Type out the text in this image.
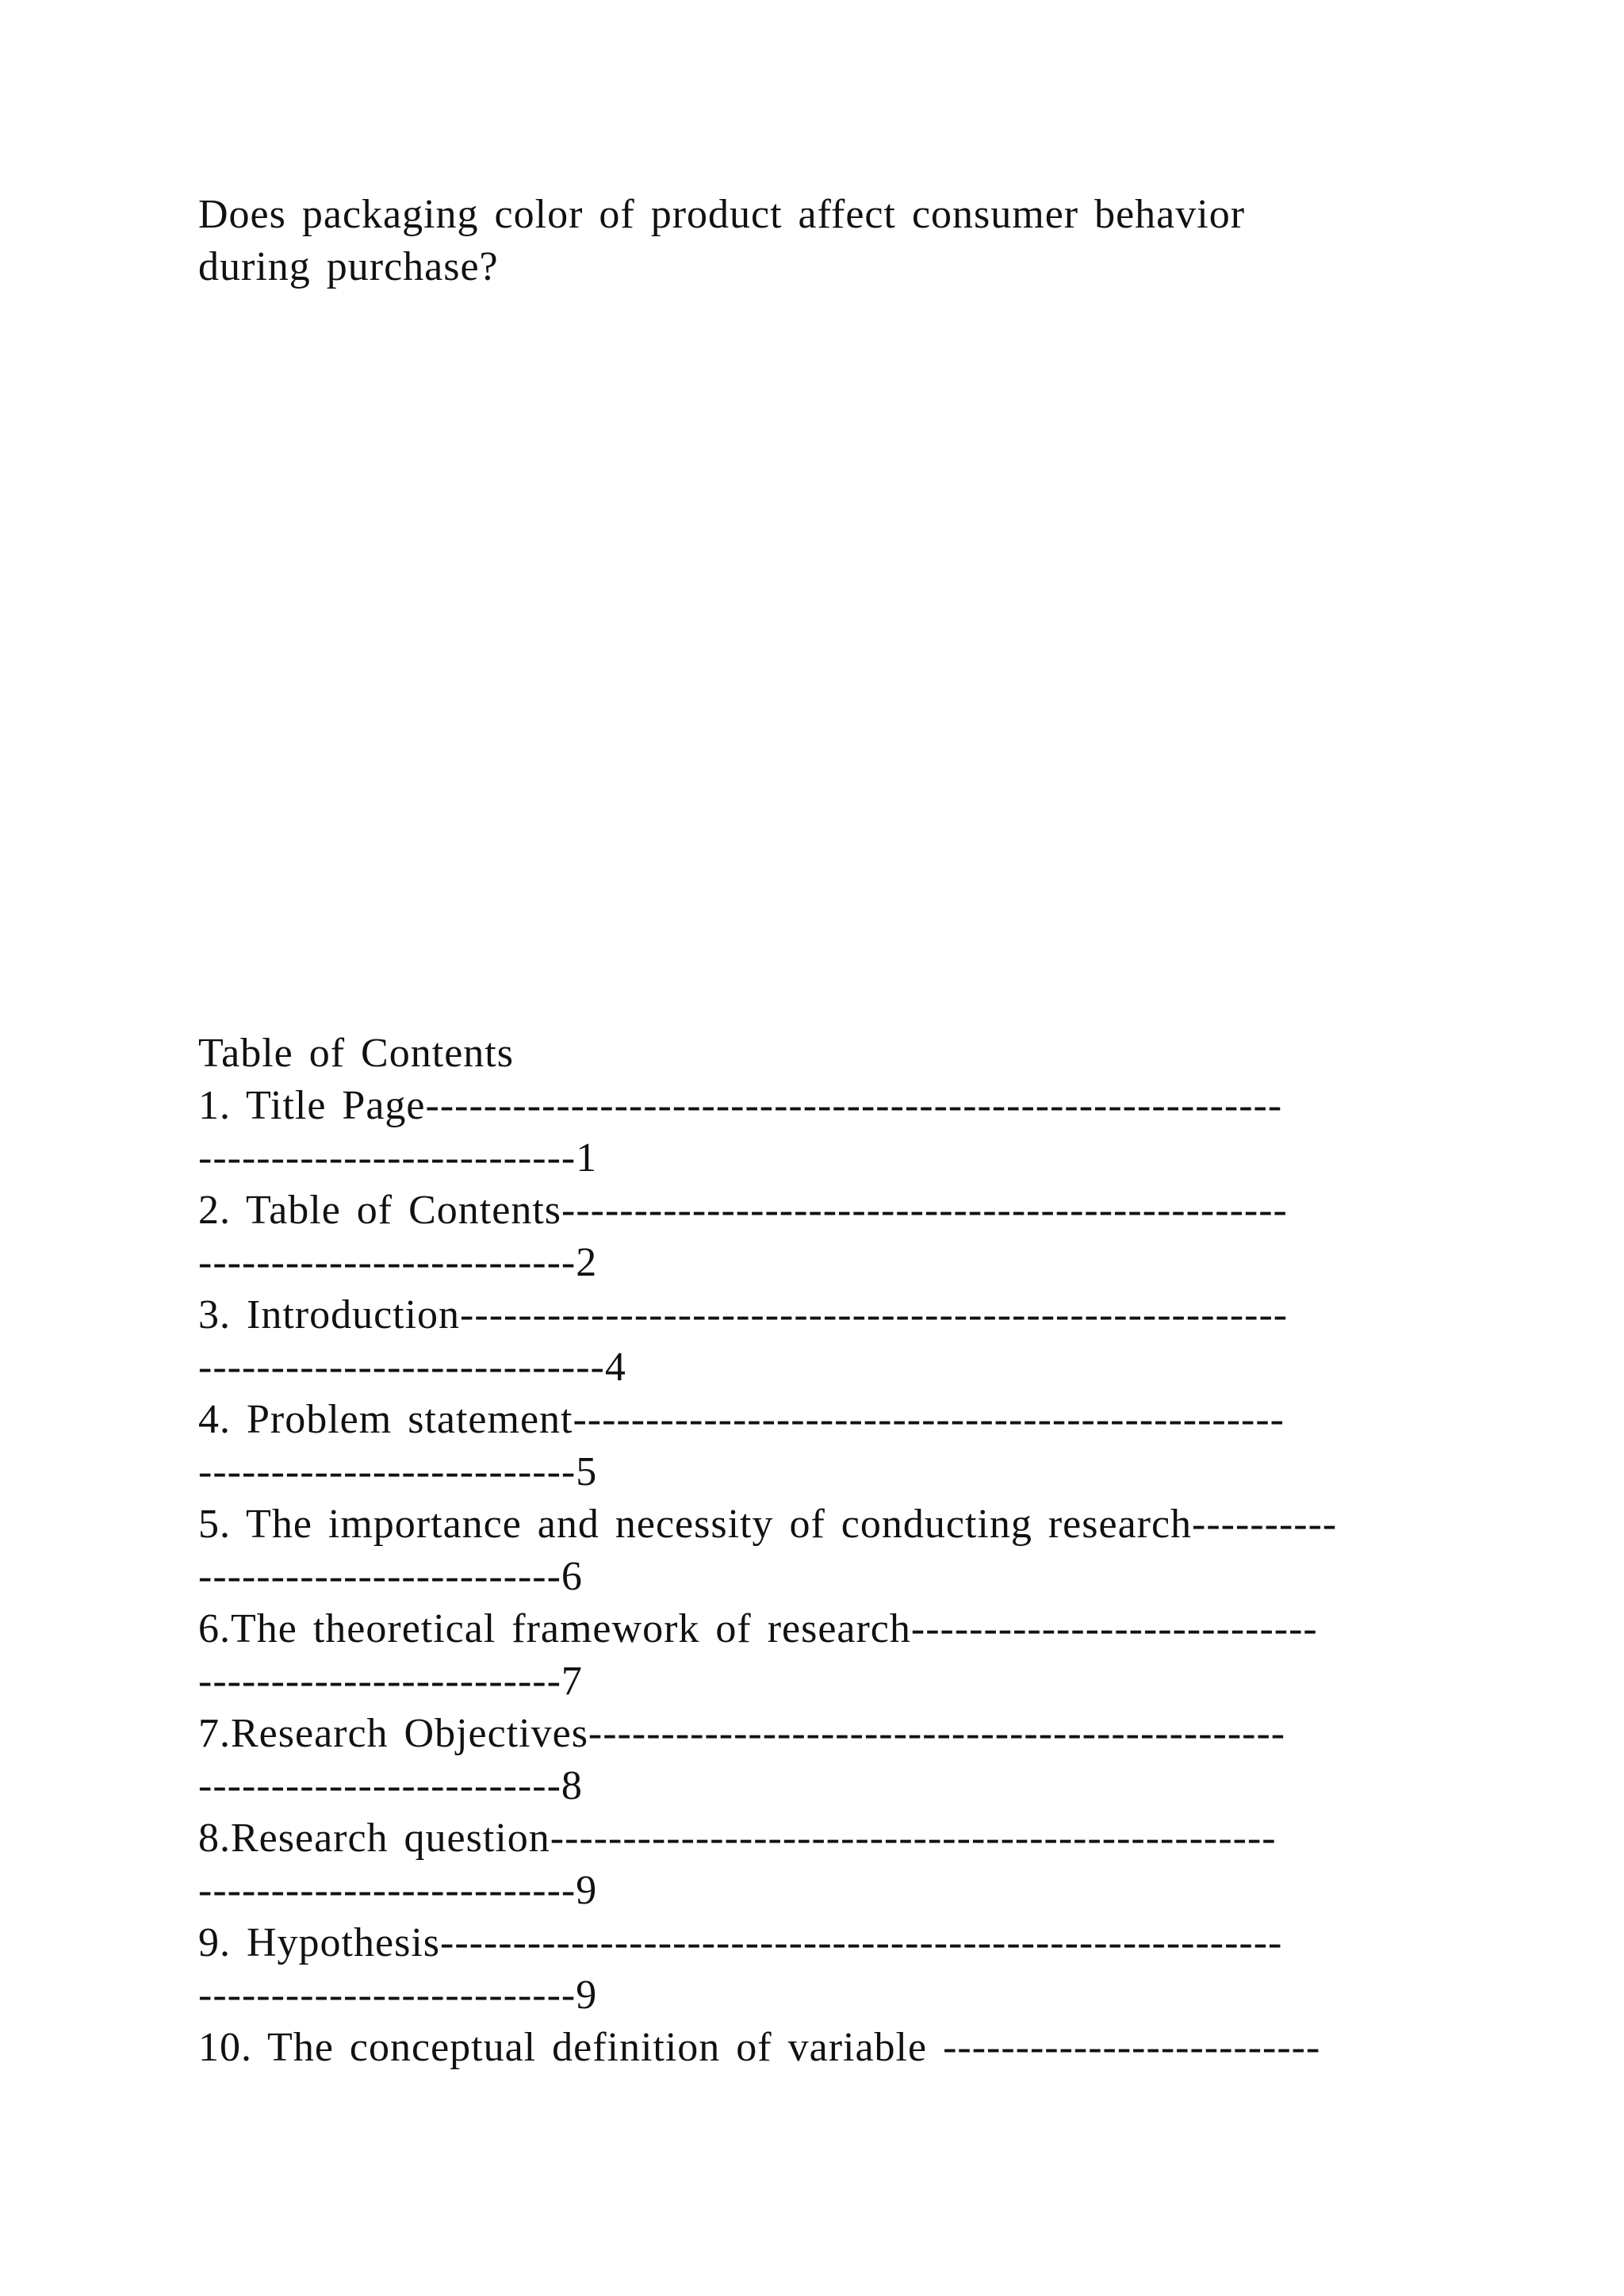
Does packaging color of product affect consumer behavior
during purchase?
Table of Contents
1. Title Page-----------------------------------------------------------
--------------------------1
2. Table of Contents--------------------------------------------------
--------------------------2
3. Introduction---------------------------------------------------------
----------------------------4
4. Problem statement-------------------------------------------------
--------------------------5
5. The importance and necessity of conducting research----------
-------------------------6
6.The theoretical framework of research----------------------------
-------------------------7
7.Research Objectives------------------------------------------------
-------------------------8
8.Research question--------------------------------------------------
--------------------------9
9. Hypothesis----------------------------------------------------------
--------------------------9
10. The conceptual definition of variable --------------------------
